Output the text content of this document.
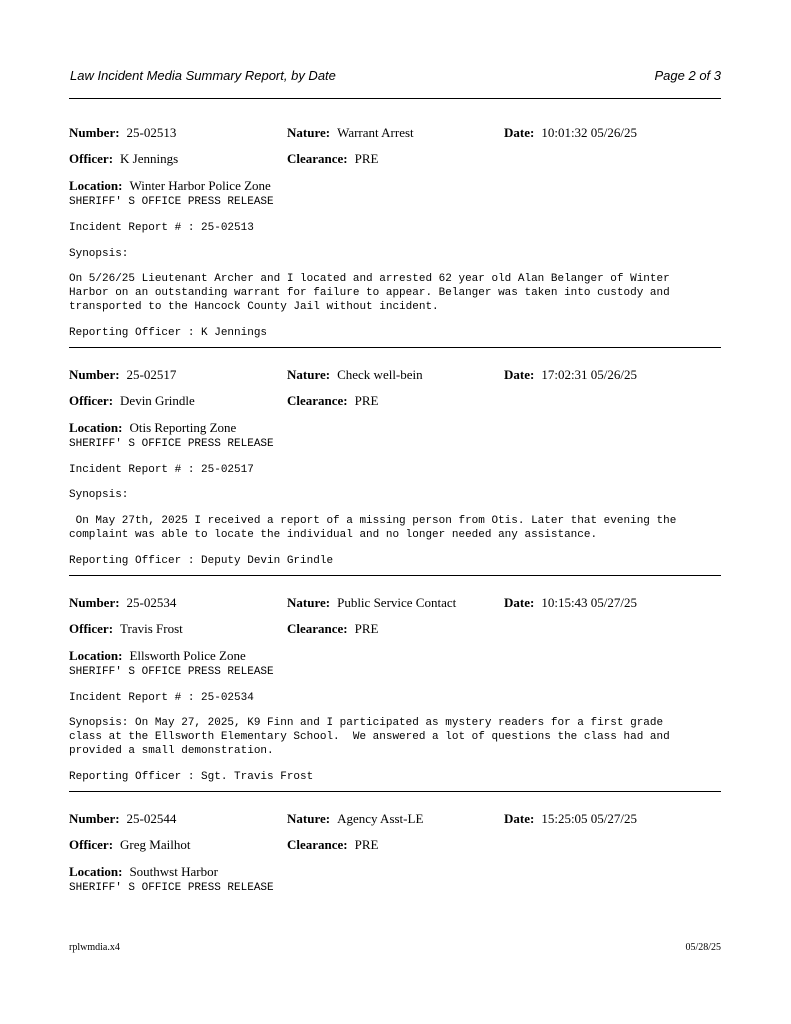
Law Incident Media Summary Report, by Date	Page 2 of 3
Number: 25-02513	Nature: Warrant Arrest	Date: 10:01:32 05/26/25
Officer: K Jennings	Clearance: PRE
Location: Winter Harbor Police Zone
SHERIFF' S OFFICE PRESS RELEASE
Incident Report # : 25-02513
Synopsis:
On 5/26/25 Lieutenant Archer and I located and arrested 62 year old Alan Belanger of Winter
Harbor on an outstanding warrant for failure to appear. Belanger was taken into custody and
transported to the Hancock County Jail without incident.
Reporting Officer : K Jennings
Number: 25-02517	Nature: Check well-bein	Date: 17:02:31 05/26/25
Officer: Devin Grindle	Clearance: PRE
Location: Otis Reporting Zone
SHERIFF' S OFFICE PRESS RELEASE
Incident Report # : 25-02517
Synopsis:
On May 27th, 2025 I received a report of a missing person from Otis. Later that evening the
complaint was able to locate the individual and no longer needed any assistance.
Reporting Officer : Deputy Devin Grindle
Number: 25-02534	Nature: Public Service Contact	Date: 10:15:43 05/27/25
Officer: Travis Frost	Clearance: PRE
Location: Ellsworth Police Zone
SHERIFF' S OFFICE PRESS RELEASE
Incident Report # : 25-02534
Synopsis: On May 27, 2025, K9 Finn and I participated as mystery readers for a first grade
class at the Ellsworth Elementary School.  We answered a lot of questions the class had and
provided a small demonstration.
Reporting Officer : Sgt. Travis Frost
Number: 25-02544	Nature: Agency Asst-LE	Date: 15:25:05 05/27/25
Officer: Greg Mailhot	Clearance: PRE
Location: Southwst Harbor
SHERIFF' S OFFICE PRESS RELEASE
rplwmdia.x4	05/28/25
